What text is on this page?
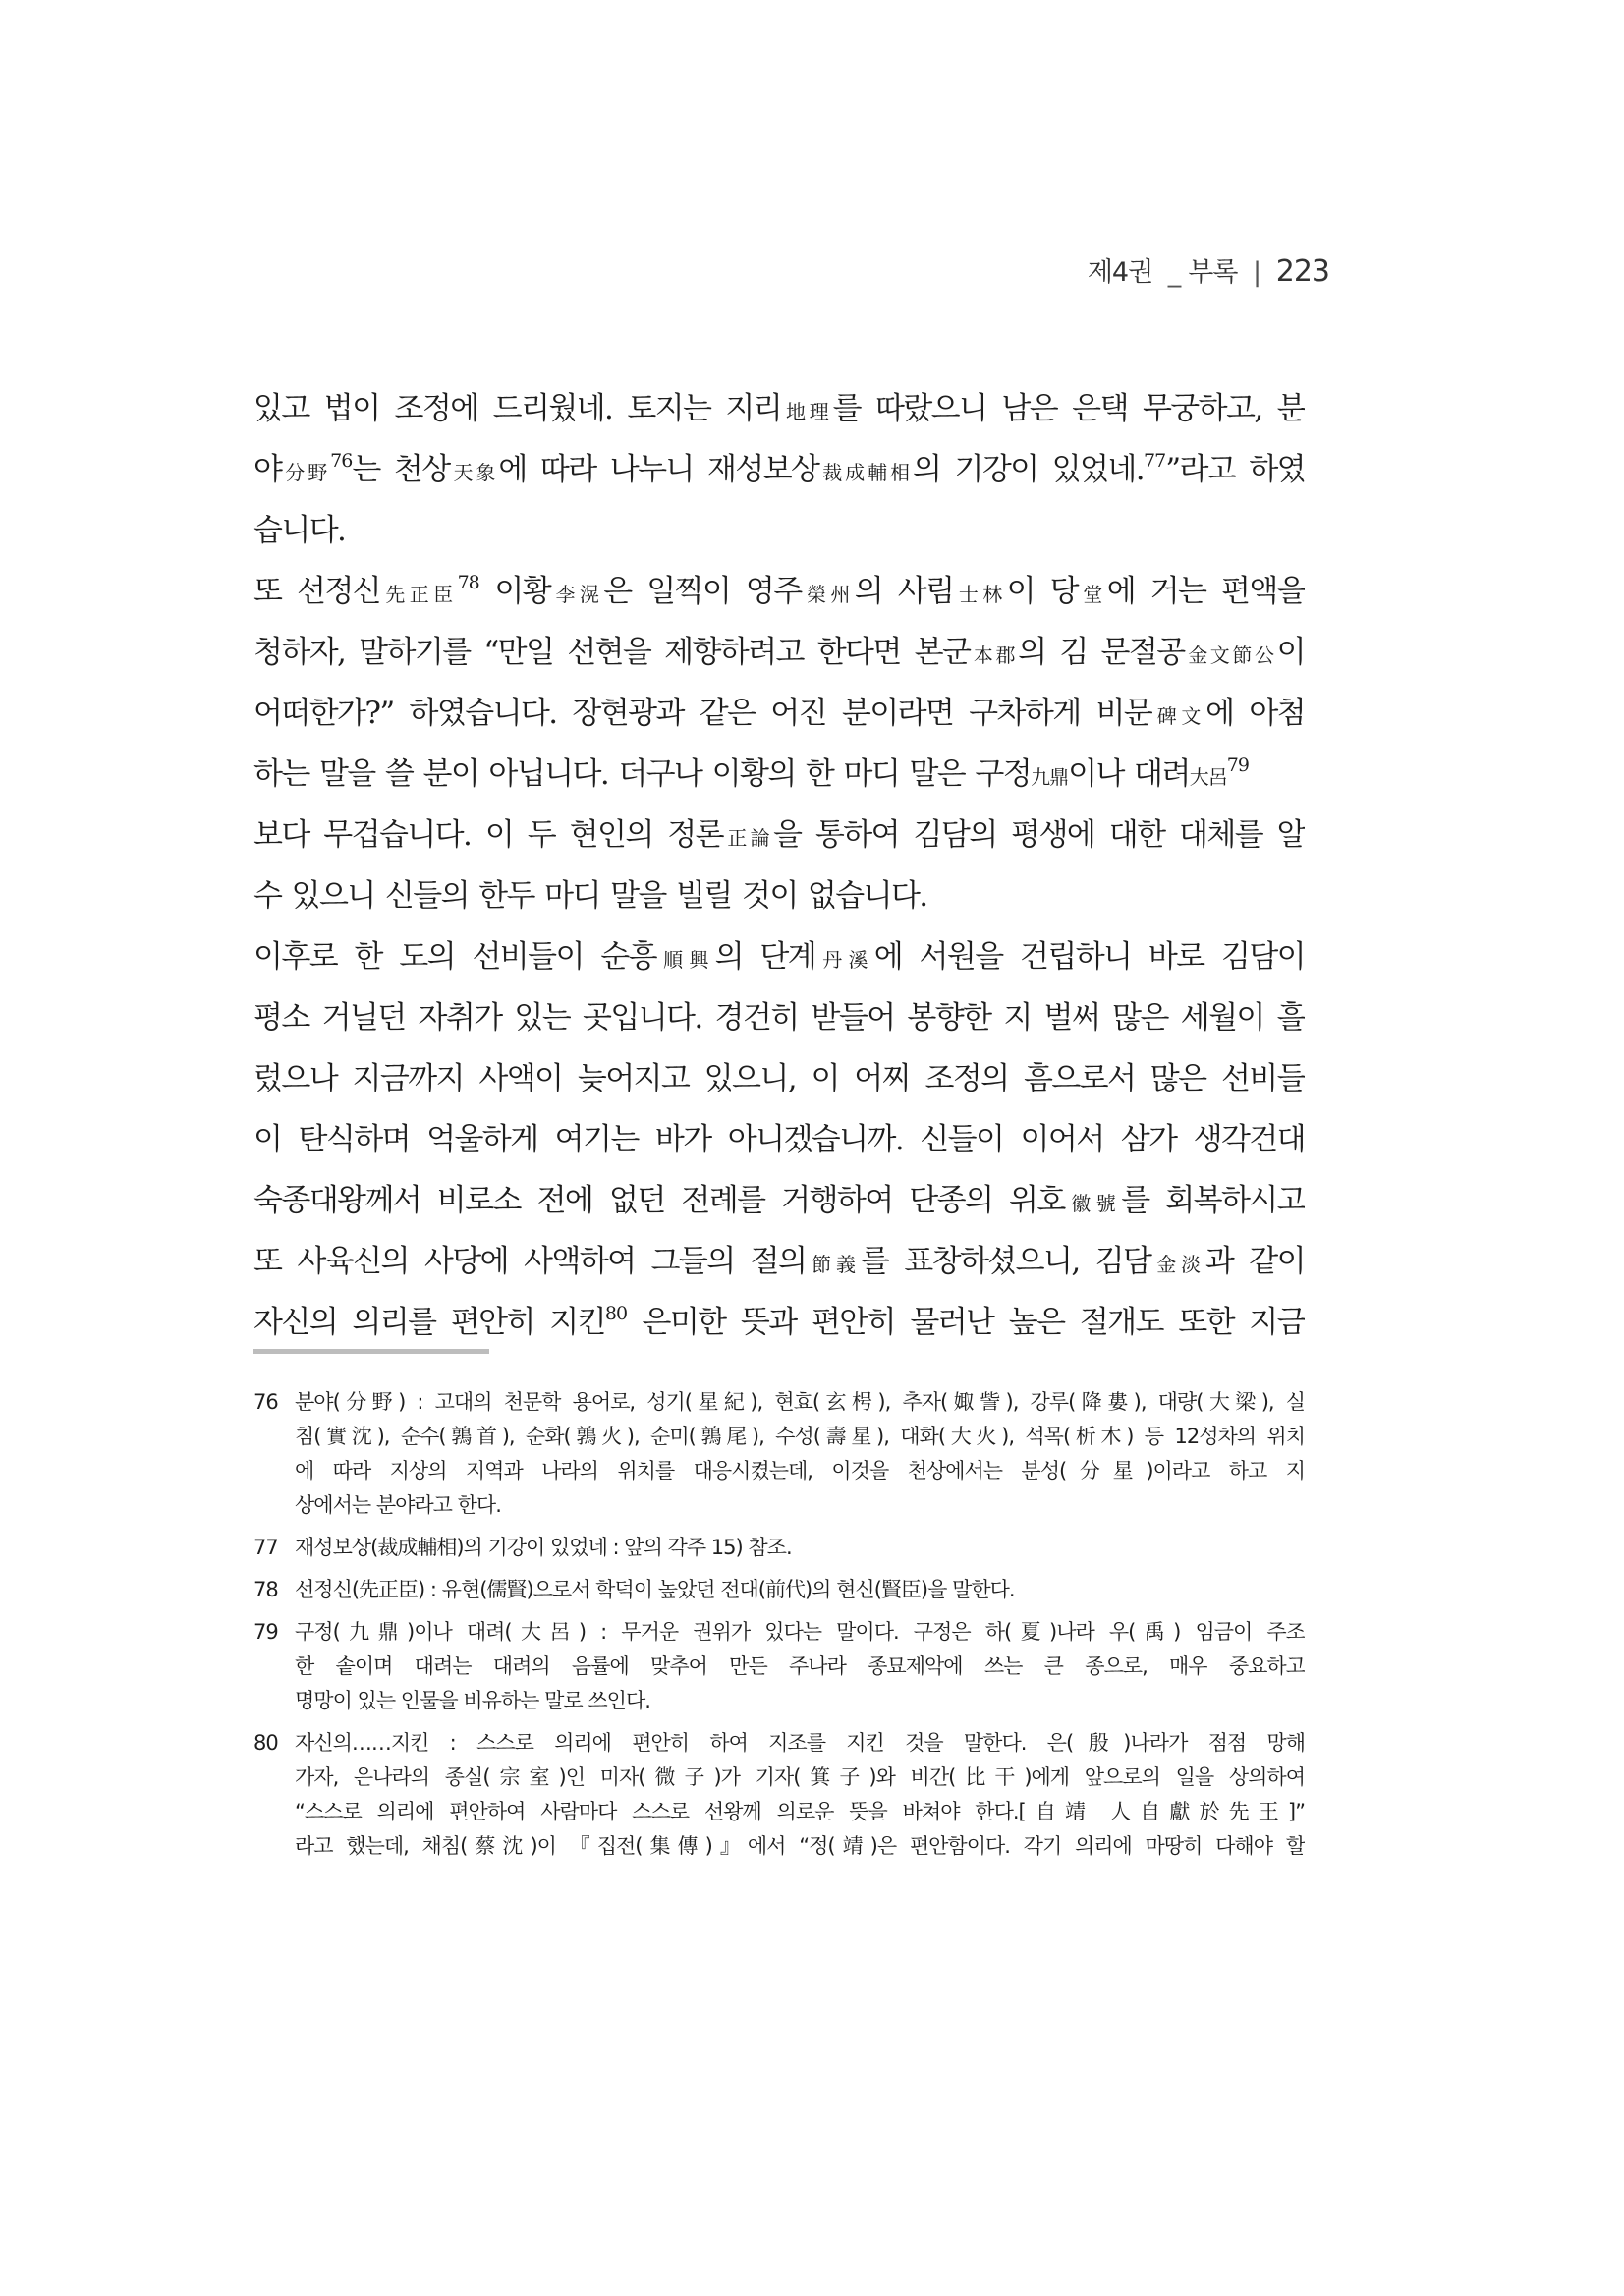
제4권 _ 부록 | 223
있고 법이 조정에 드리웠네. 토지는 지리地理를 따랐으니 남은 은택 무궁하고, 분
야分野$^{76}$는 천상天象에 따라 나누니 재성보상裁成輔相의 기강이 있었네.$^{77}$”라고 하였
습니다.
또 선정신先正臣$^{78}$ 이황李滉은 일찍이 영주榮州의 사림士林이 당堂에 거는 편액을
청하자, 말하기를 “만일 선현을 제향하려고 한다면 본군本郡의 김 문절공金文節公이
어떠한가?” 하였습니다. 장현광과 같은 어진 분이라면 구차하게 비문碑文에 아첨
하는 말을 쓸 분이 아닙니다. 더구나 이황의 한 마디 말은 구정九鼎이나 대려大呂$^{79}$
보다 무겁습니다. 이 두 현인의 정론正論을 통하여 김담의 평생에 대한 대체를 알
수 있으니 신들의 한두 마디 말을 빌릴 것이 없습니다.
이후로 한 도의 선비들이 순흥順興의 단계丹溪에 서원을 건립하니 바로 김담이
평소 거닐던 자취가 있는 곳입니다. 경건히 받들어 봉향한 지 벌써 많은 세월이 흘
렀으나 지금까지 사액이 늦어지고 있으니, 이 어찌 조정의 흠으로서 많은 선비들
이 탄식하며 억울하게 여기는 바가 아니겠습니까. 신들이 이어서 삼가 생각건대
숙종대왕께서 비로소 전에 없던 전례를 거행하여 단종의 위호徽號를 회복하시고
또 사육신의 사당에 사액하여 그들의 절의節義를 표창하셨으니, 김담金淡과 같이
자신의 의리를 편안히 지킨$^{80}$ 은미한 뜻과 편안히 물러난 높은 절개도 또한 지금
76 분야(分野) : 고대의 천문학 용어로, 성기(星紀), 현효(玄枵), 추자(娵訾), 강루(降婁), 대량(大梁), 실
침(實沈), 순수(鶉首), 순화(鶉火), 순미(鶉尾), 수성(壽星), 대화(大火), 석목(析木) 등 12성차의 위치
에 따라 지상의 지역과 나라의 위치를 대응시켰는데, 이것을 천상에서는 분성(分星)이라고 하고 지
상에서는 분야라고 한다.
77 재성보상(裁成輔相)의 기강이 있었네 : 앞의 각주 15) 참조.
78 선정신(先正臣) : 유현(儒賢)으로서 학덕이 높았던 전대(前代)의 현신(賢臣)을 말한다.
79 구정(九鼎)이나 대려(大呂) : 무거운 권위가 있다는 말이다. 구정은 하(夏)나라 우(禹) 임금이 주조
한 솥이며 대려는 대려의 음률에 맞추어 만든 주나라 종묘제악에 쓰는 큰 종으로, 매우 중요하고
명망이 있는 인물을 비유하는 말로 쓰인다.
80 자신의……지킨 : 스스로 의리에 편안히 하여 지조를 지킨 것을 말한다. 은(殷)나라가 점점 망해
가자, 은나라의 종실(宗室)인 미자(微子)가 기자(箕子)와 비간(比干)에게 앞으로의 일을 상의하여
“스스로 의리에 편안하여 사람마다 스스로 선왕께 의로운 뜻을 바쳐야 한다.[自靖 人自獻於先王]”
라고 했는데, 채침(蔡沈)이 『집전(集傳)』에서 “정(靖)은 편안함이다. 각기 의리에 마땅히 다해야 할
